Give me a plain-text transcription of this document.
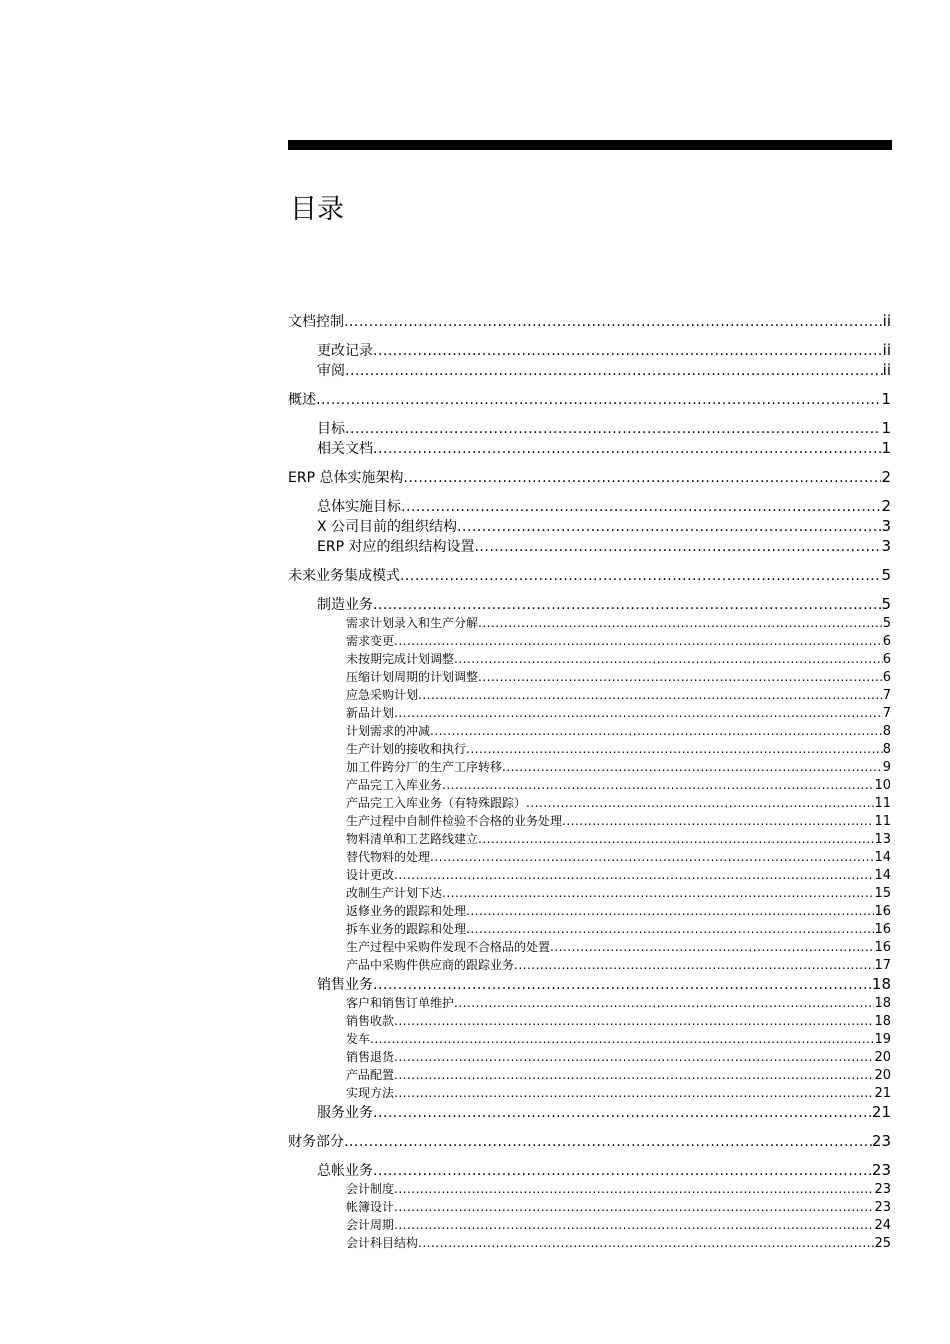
目录
文档控制 .....	ii
更改记录 .....	ii
审阅 .....	ii
概述 .....	1
目标 .....	1
相关文档 .....	1
ERP 总体实施架构 .....	2
总体实施目标 .....	2
X 公司目前的组织结构 .....	3
ERP 对应的组织结构设置 .....	3
未来业务集成模式 .....	5
制造业务 .....	5
需求计划录入和生产分解 .....	5
需求变更 .....	6
未按期完成计划调整 .....	6
压缩计划周期的计划调整 .....	6
应急采购计划 .....	7
新品计划 .....	7
计划需求的冲减 .....	8
生产计划的接收和执行 .....	8
加工件跨分厂的生产工序转移 .....	9
产品完工入库业务 .....	10
产品完工入库业务（有特殊跟踪） .....	11
生产过程中自制件检验不合格的业务处理 .....	11
物料清单和工艺路线建立 .....	13
替代物料的处理 .....	14
设计更改 .....	14
改制生产计划下达 .....	15
返修业务的跟踪和处理 .....	16
拆车业务的跟踪和处理 .....	16
生产过程中采购件发现不合格品的处置 .....	16
产品中采购件供应商的跟踪业务 .....	17
销售业务 .....	18
客户和销售订单维护 .....	18
销售收款 .....	18
发车 .....	19
销售退货 .....	20
产品配置 .....	20
实现方法 .....	21
服务业务 .....	21
财务部分 .....	23
总帐业务 .....	23
会计制度 .....	23
帐簿设计 .....	23
会计周期 .....	24
会计科目结构 .....	25
